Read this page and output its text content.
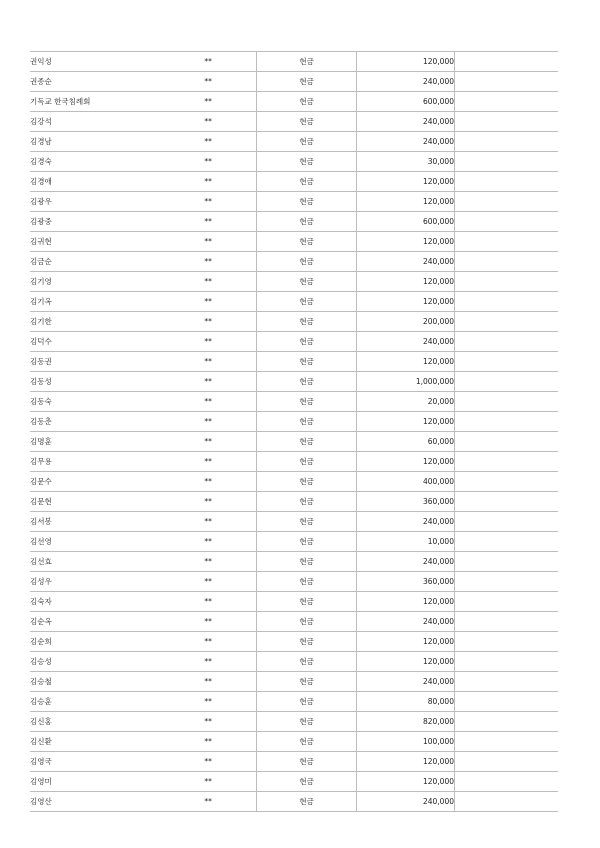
권익성	**	현금	120,000	
권종순	**	현금	240,000	
기독교 한국침례회	**	현금	600,000	
김강석	**	현금	240,000	
김경남	**	현금	240,000	
김경숙	**	현금	30,000	
김경애	**	현금	120,000	
김광우	**	현금	120,000	
김광중	**	현금	600,000	
김귀현	**	현금	120,000	
김금순	**	현금	240,000	
김기영	**	현금	120,000	
김기옥	**	현금	120,000	
김기한	**	현금	200,000	
김덕수	**	현금	240,000	
김동권	**	현금	120,000	
김동성	**	현금	1,000,000	
김동숙	**	현금	20,000	
김동춘	**	현금	120,000	
김명훈	**	현금	60,000	
김무용	**	현금	120,000	
김문수	**	현금	400,000	
김문현	**	현금	360,000	
김서봉	**	현금	240,000	
김선영	**	현금	10,000	
김선효	**	현금	240,000	
김성우	**	현금	360,000	
김숙자	**	현금	120,000	
김순옥	**	현금	240,000	
김순희	**	현금	120,000	
김승성	**	현금	120,000	
김승철	**	현금	240,000	
김승훈	**	현금	80,000	
김신홍	**	현금	820,000	
김신환	**	현금	100,000	
김영국	**	현금	120,000	
김영미	**	현금	120,000	
김영산	**	현금	240,000	
